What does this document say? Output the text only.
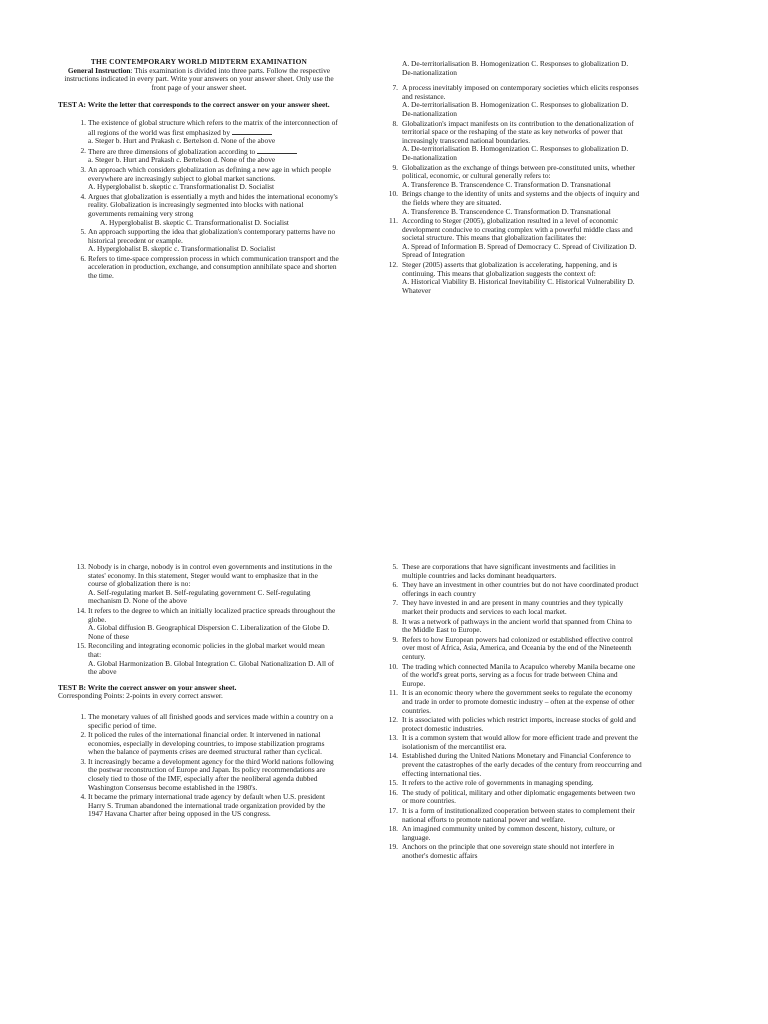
THE CONTEMPORARY WORLD MIDTERM EXAMINATION
General Instruction: This examination is divided into three parts. Follow the respective instructions indicated in every part. Write your answers on your answer sheet. Only use the front page of your answer sheet.
TEST A: Write the letter that corresponds to the correct answer on your answer sheet.
1. The existence of global structure which refers to the matrix of the interconnection of all regions of the world was first emphasized by
a. Steger b. Hurt and Prakash c. Bertelson d. None of the above
2. There are three dimensions of globalization according to
a. Steger b. Hurt and Prakash c. Bertelson d. None of the above
3. An approach which considers globalization as defining a new age in which people everywhere are increasingly subject to global market sanctions.
A. Hyperglobalist b. skeptic c. Transformationalist D. Socialist
4. Argues that globalization is essentially a myth and hides the international economy's reality. Globalization is increasingly segmented into blocks with national governments remaining very strong
A. Hyperglobalist B. skeptic C. Transformationalist D. Socialist
5. An approach supporting the idea that globalization's contemporary patterns have no historical precedent or example.
A. Hyperglobalist B. skeptic c. Transformationalist D. Socialist
6. Refers to time-space compression process in which communication transport and the acceleration in production, exchange, and consumption annihilate space and shorten the time.
A. De-territorialisation B. Homogenization C. Responses to globalization D. De-nationalization
7. A process inevitably imposed on contemporary societies which elicits responses and resistance.
A. De-territorialisation B. Homogenization C. Responses to globalization D. De-nationalization
8. Globalization's impact manifests on its contribution to the denationalization of territorial space or the reshaping of the state as key networks of power that increasingly transcend national boundaries.
A. De-territorialisation B. Homogenization C. Responses to globalization D. De-nationalization
9. Globalization as the exchange of things between pre-constituted units, whether political, economic, or cultural generally refers to:
A. Transference B. Transcendence C. Transformation D. Transnational
10. Brings change to the identity of units and systems and the objects of inquiry and the fields where they are situated.
A. Transference B. Transcendence C. Transformation D. Transnational
11. According to Steger (2005), globalization resulted in a level of economic development conducive to creating complex with a powerful middle class and societal structure. This means that globalization facilitates the:
A. Spread of Information B. Spread of Democracy C. Spread of Civilization D. Spread of Integration
12. Steger (2005) asserts that globalization is accelerating, happening, and is continuing. This means that globalization suggests the context of:
A. Historical Viability B. Historical Inevitability C. Historical Vulnerability D. Whatever
13. Nobody is in charge, nobody is in control even governments and institutions in the states' economy. In this statement, Steger would want to emphasize that in the course of globalization there is no:
A. Self-regulating market B. Self-regulating government C. Self-regulating mechanism D. None of the above
14. It refers to the degree to which an initially localized practice spreads throughout the globe.
A. Global diffusion B. Geographical Dispersion C. Liberalization of the Globe D. None of these
15. Reconciling and integrating economic policies in the global market would mean that:
A. Global Harmonization B. Global Integration C. Global Nationalization D. All of the above
TEST B: Write the correct answer on your answer sheet.
Corresponding Points: 2-points in every correct answer.
1. The monetary values of all finished goods and services made within a country on a specific period of time.
2. It policed the rules of the international financial order. It intervened in national economies, especially in developing countries, to impose stabilization programs when the balance of payments crises are deemed structural rather than cyclical.
3. It increasingly became a development agency for the third World nations following the postwar reconstruction of Europe and Japan. Its policy recommendations are closely tied to those of the IMF, especially after the neoliberal agenda dubbed Washington Consensus become established in the 1980's.
4. It became the primary international trade agency by default when U.S. president Harry S. Truman abandoned the international trade organization provided by the 1947 Havana Charter after being opposed in the US congress.
5. These are corporations that have significant investments and facilities in multiple countries and lacks dominant headquarters.
6. They have an investment in other countries but do not have coordinated product offerings in each country
7. They have invested in and are present in many countries and they typically market their products and services to each local market.
8. It was a network of pathways in the ancient world that spanned from China to the Middle East to Europe.
9. Refers to how European powers had colonized or established effective control over most of Africa, Asia, America, and Oceania by the end of the Nineteenth century.
10. The trading which connected Manila to Acapulco whereby Manila became one of the world's great ports, serving as a focus for trade between China and Europe.
11. It is an economic theory where the government seeks to regulate the economy and trade in order to promote domestic industry – often at the expense of other countries.
12. It is associated with policies which restrict imports, increase stocks of gold and protect domestic industries.
13. It is a common system that would allow for more efficient trade and prevent the isolationism of the mercantilist era.
14. Established during the United Nations Monetary and Financial Conference to prevent the catastrophes of the early decades of the century from reoccurring and effecting international ties.
15. It refers to the active role of governments in managing spending.
16. The study of political, military and other diplomatic engagements between two or more countries.
17. It is a form of institutionalized cooperation between states to complement their national efforts to promote national power and welfare.
18. An imagined community united by common descent, history, culture, or language.
19. Anchors on the principle that one sovereign state should not interfere in another's domestic affairs
